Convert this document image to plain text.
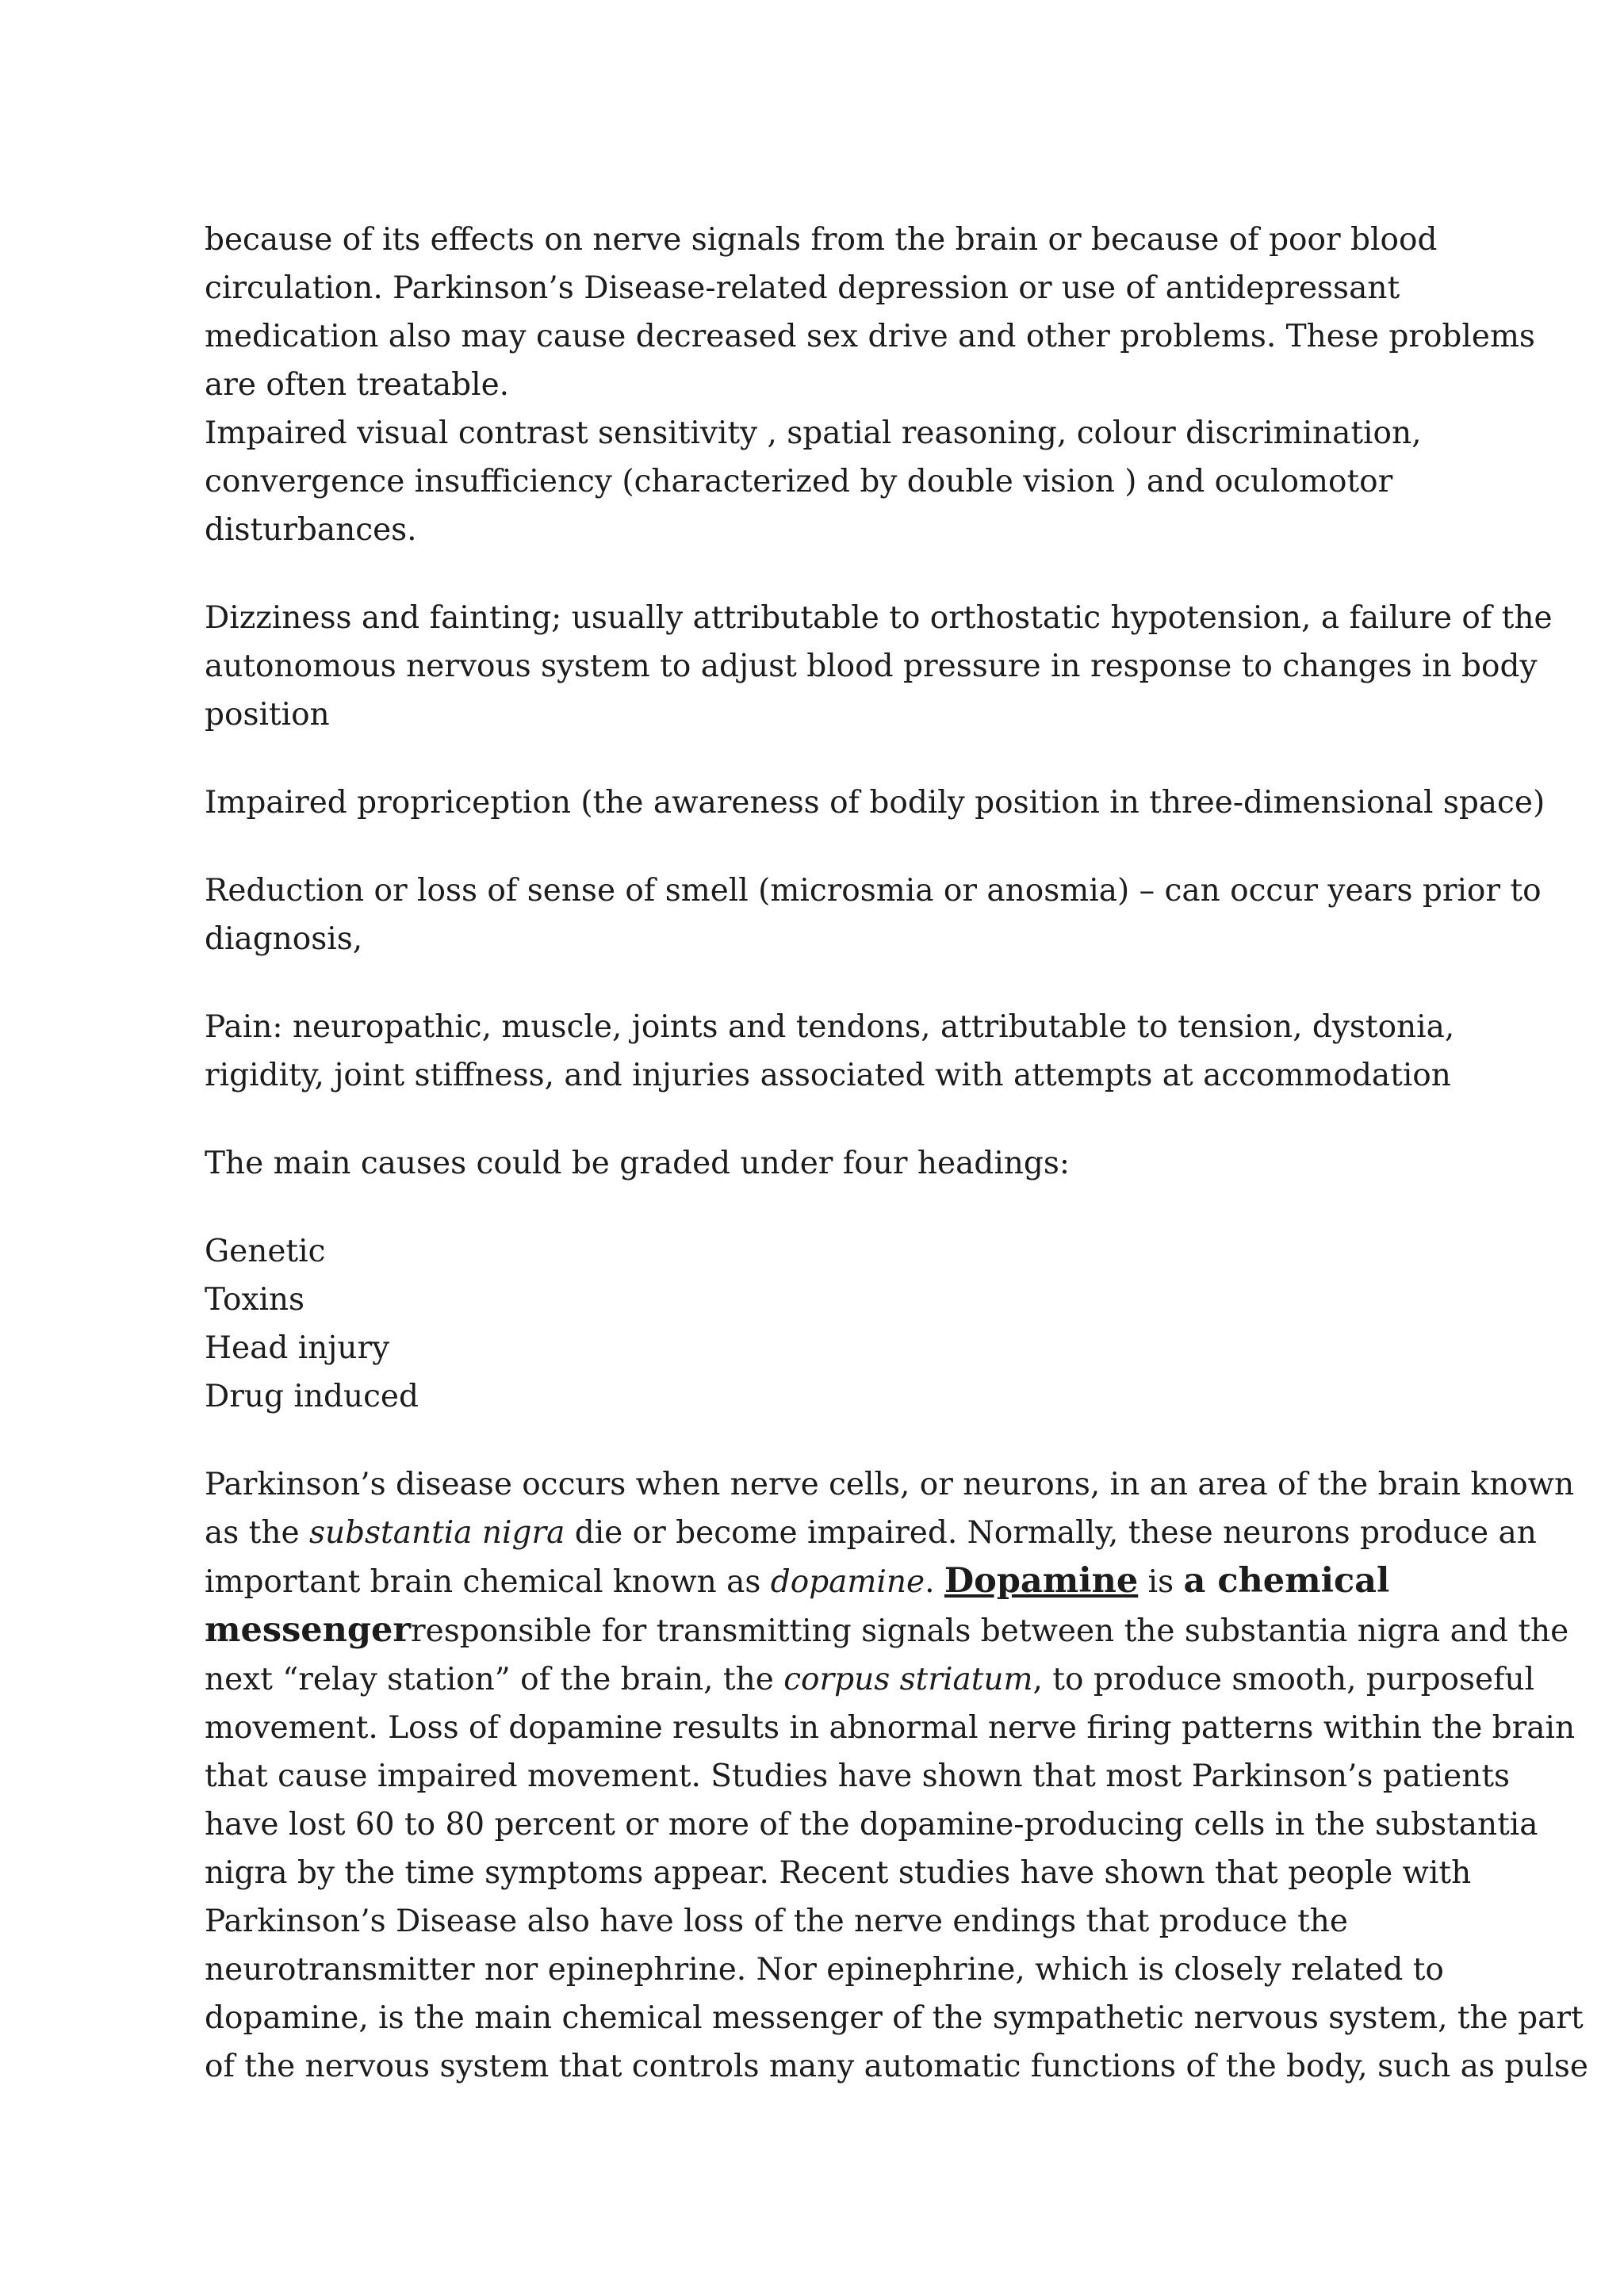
because of its effects on nerve signals from the brain or because of poor blood
circulation. Parkinson’s Disease-related depression or use of antidepressant
medication also may cause decreased sex drive and other problems. These problems
are often treatable.
Impaired visual contrast sensitivity , spatial reasoning, colour discrimination,
convergence insufficiency (characterized by double vision ) and oculomotor
disturbances.
Dizziness and fainting; usually attributable to orthostatic hypotension, a failure of the
autonomous nervous system to adjust blood pressure in response to changes in body
position
Impaired propriception (the awareness of bodily position in three-dimensional space)
Reduction or loss of sense of smell (microsmia or anosmia) – can occur years prior to
diagnosis,
Pain: neuropathic, muscle, joints and tendons, attributable to tension, dystonia,
rigidity, joint stiffness, and injuries associated with attempts at accommodation
The main causes could be graded under four headings:
Genetic
Toxins
Head injury
Drug induced
Parkinson’s disease occurs when nerve cells, or neurons, in an area of the brain known
as the substantia nigra die or become impaired. Normally, these neurons produce an
important brain chemical known as dopamine. Dopamine is a chemical
messengerresponsible for transmitting signals between the substantia nigra and the
next “relay station” of the brain, the corpus striatum, to produce smooth, purposeful
movement. Loss of dopamine results in abnormal nerve firing patterns within the brain
that cause impaired movement. Studies have shown that most Parkinson’s patients
have lost 60 to 80 percent or more of the dopamine-producing cells in the substantia
nigra by the time symptoms appear. Recent studies have shown that people with
Parkinson’s Disease also have loss of the nerve endings that produce the
neurotransmitter nor epinephrine. Nor epinephrine, which is closely related to
dopamine, is the main chemical messenger of the sympathetic nervous system, the part
of the nervous system that controls many automatic functions of the body, such as pulse
